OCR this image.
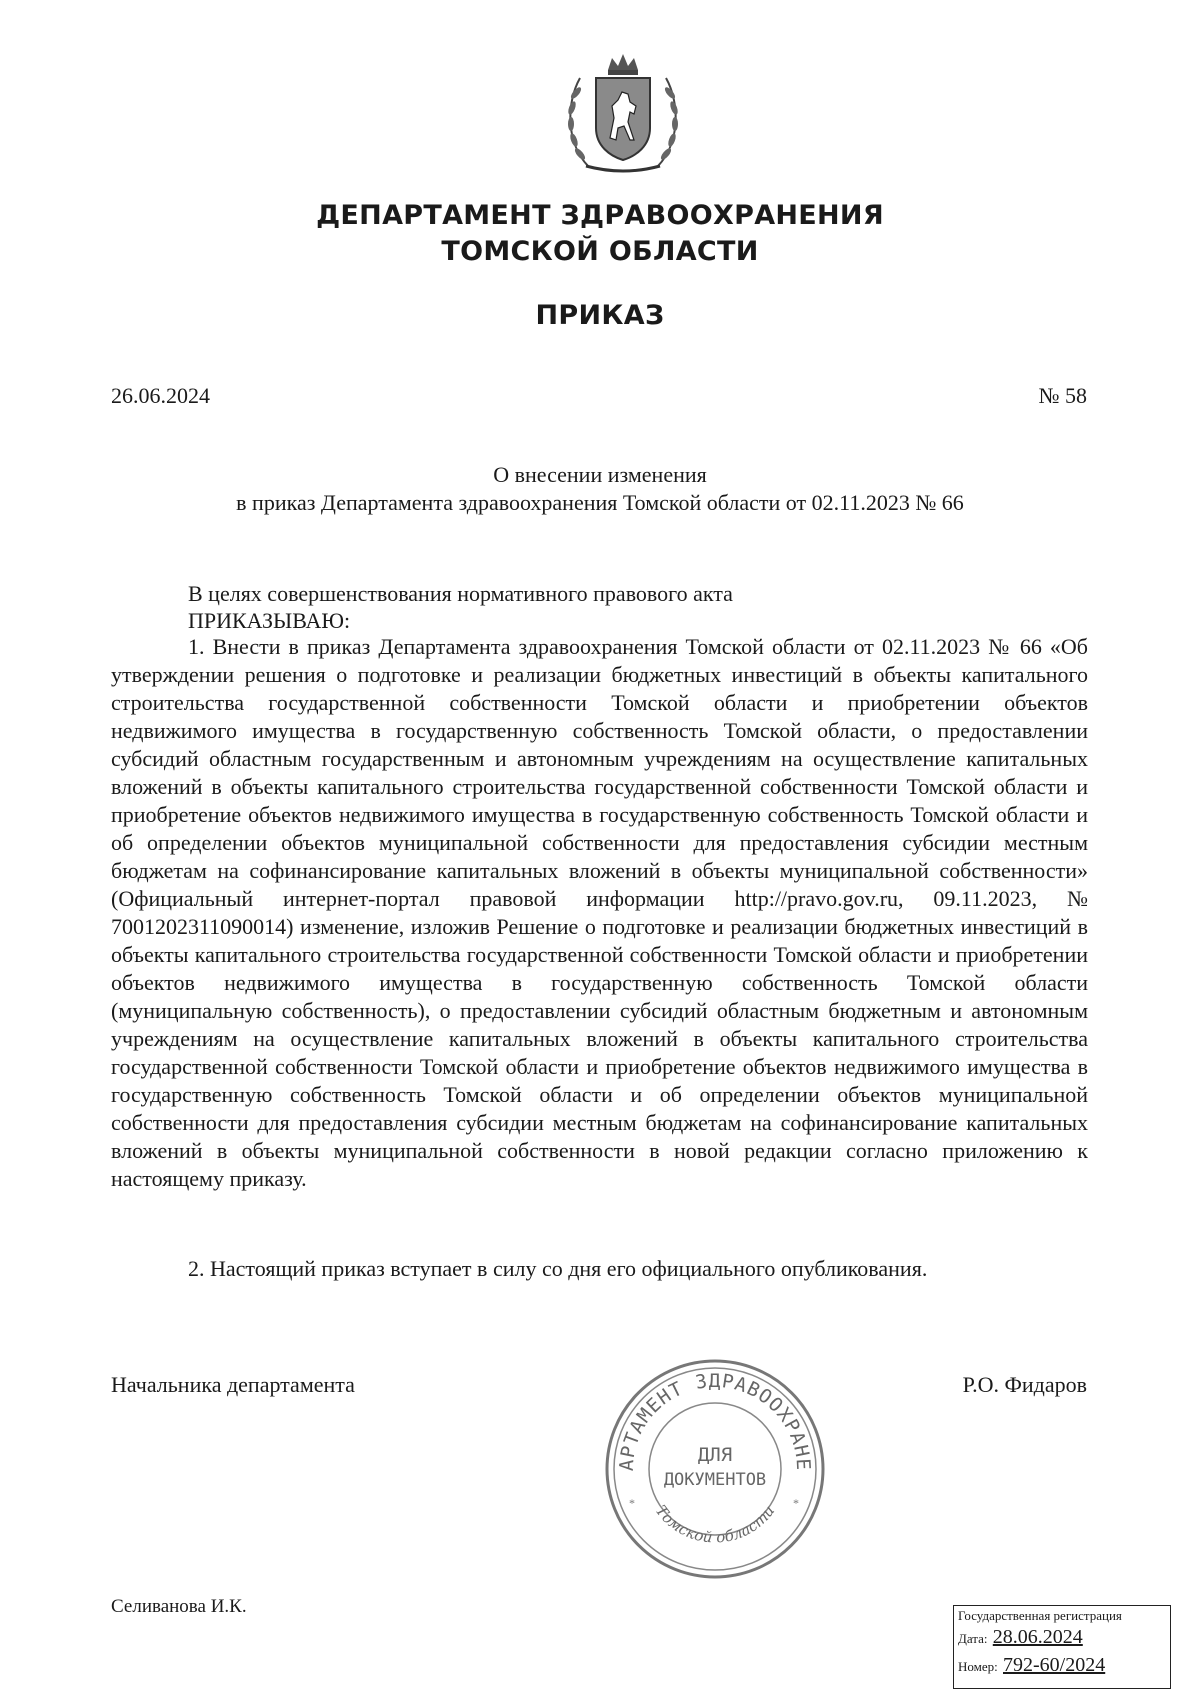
ДЕПАРТАМЕНТ ЗДРАВООХРАНЕНИЯ
ТОМСКОЙ ОБЛАСТИ
ПРИКАЗ
26.06.2024	№ 58
О внесении изменения
в приказ Департамента здравоохранения Томской области от 02.11.2023 № 66
В целях совершенствования нормативного правового акта
ПРИКАЗЫВАЮ:

1. Внести в приказ Департамента здравоохранения Томской области от 02.11.2023 № 66 «Об утверждении решения о подготовке и реализации бюджетных инвестиций в объекты капитального строительства государственной собственности Томской области и приобретении объектов недвижимого имущества в государственную собственность Томской области, о предоставлении субсидий областным государственным и автономным учреждениям на осуществление капитальных вложений в объекты капитального строительства государственной собственности Томской области и приобретение объектов недвижимого имущества в государственную собственность Томской области и об определении объектов муниципальной собственности для предоставления субсидии местным бюджетам на софинансирование капитальных вложений в объекты муниципальной собственности» (Официальный интернет-портал правовой информации http://pravo.gov.ru, 09.11.2023, № 7001202311090014) изменение, изложив Решение о подготовке и реализации бюджетных инвестиций в объекты капитального строительства государственной собственности Томской области и приобретении объектов недвижимого имущества в государственную собственность Томской области (муниципальную собственность), о предоставлении субсидий областным бюджетным и автономным учреждениям на осуществление капитальных вложений в объекты капитального строительства государственной собственности Томской области и приобретение объектов недвижимого имущества в государственную собственность Томской области и об определении объектов муниципальной собственности для предоставления субсидии местным бюджетам на софинансирование капитальных вложений в объекты муниципальной собственности в новой редакции согласно приложению к настоящему приказу.

2. Настоящий приказ вступает в силу со дня его официального опубликования.

Начальника департамента	Р.О. Фидаров
АРТАМЕНТ ЗДРАВООХРАНЕ
Томской области
*	*
ДЛЯ
ДОКУМЕНТОВ
Селиванова И.К.	Государственная регистрация
Дата: 28.06.2024
Номер: 792-60/2024
